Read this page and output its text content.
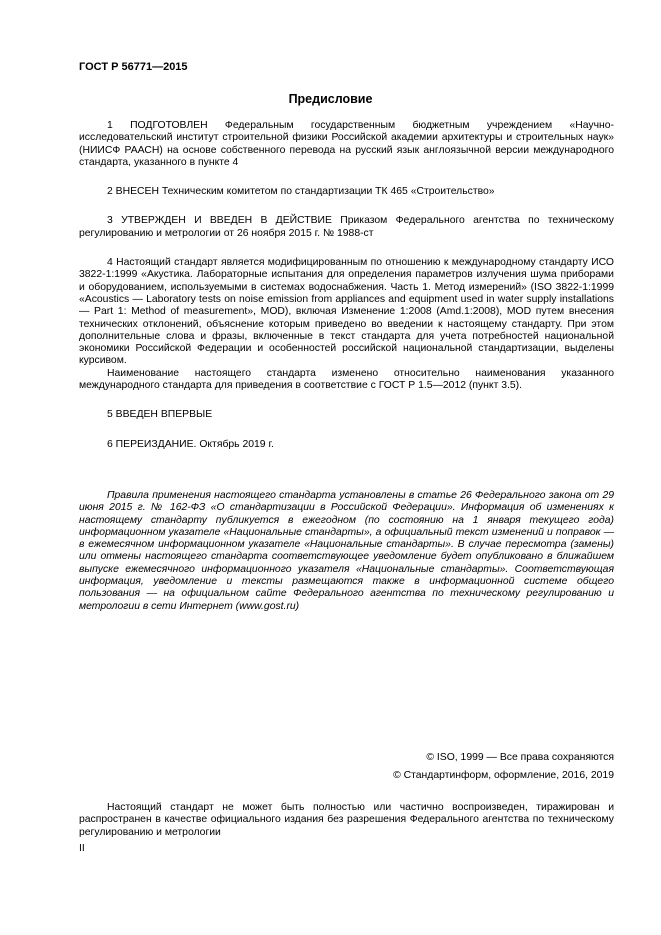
ГОСТ Р 56771—2015
Предисловие

1 ПОДГОТОВЛЕН Федеральным государственным бюджетным учреждением «Научно-исследовательский институт строительной физики Российской академии архитектуры и строительных наук» (НИИСФ РААСН) на основе собственного перевода на русский язык англоязычной версии международного стандарта, указанного в пункте 4

2 ВНЕСЕН Техническим комитетом по стандартизации ТК 465 «Строительство»

3 УТВЕРЖДЕН И ВВЕДЕН В ДЕЙСТВИЕ Приказом Федерального агентства по техническому регулированию и метрологии от 26 ноября 2015 г. № 1988-ст

4 Настоящий стандарт является модифицированным по отношению к международному стандарту ИСО 3822-1:1999 «Акустика. Лабораторные испытания для определения параметров излучения шума приборами и оборудованием, используемыми в системах водоснабжения. Часть 1. Метод измерений» (ISO 3822-1:1999 «Acoustics — Laboratory tests on noise emission from appliances and equipment used in water supply installations — Part 1: Method of measurement», MOD), включая Изменение 1:2008 (Amd.1:2008), MOD путем внесения технических отклонений, объяснение которым приведено во введении к настоящему стандарту. При этом дополнительные слова и фразы, включенные в текст стандарта для учета потребностей национальной экономики Российской Федерации и особенностей российской национальной стандартизации, выделены курсивом.

Наименование настоящего стандарта изменено относительно наименования указанного международного стандарта для приведения в соответствие с ГОСТ Р 1.5—2012 (пункт 3.5).

5 ВВЕДЕН ВПЕРВЫЕ

6 ПЕРЕИЗДАНИЕ. Октябрь 2019 г.

Правила применения настоящего стандарта установлены в статье 26 Федерального закона от 29 июня 2015 г. № 162-ФЗ «О стандартизации в Российской Федерации». Информация об изменениях к настоящему стандарту публикуется в ежегодном (по состоянию на 1 января текущего года) информационном указателе «Национальные стандарты», а официальный текст изменений и поправок — в ежемесячном информационном указателе «Национальные стандарты». В случае пересмотра (замены) или отмены настоящего стандарта соответствующее уведомление будет опубликовано в ближайшем выпуске ежемесячного информационного указателя «Национальные стандарты». Соответствующая информация, уведомление и тексты размещаются также в информационной системе общего пользования — на официальном сайте Федерального агентства по техническому регулированию и метрологии в сети Интернет (www.gost.ru)

© ISO, 1999 — Все права сохраняются
© Стандартинформ, оформление, 2016, 2019

Настоящий стандарт не может быть полностью или частично воспроизведен, тиражирован и распространен в качестве официального издания без разрешения Федерального агентства по техническому регулированию и метрологии

II
